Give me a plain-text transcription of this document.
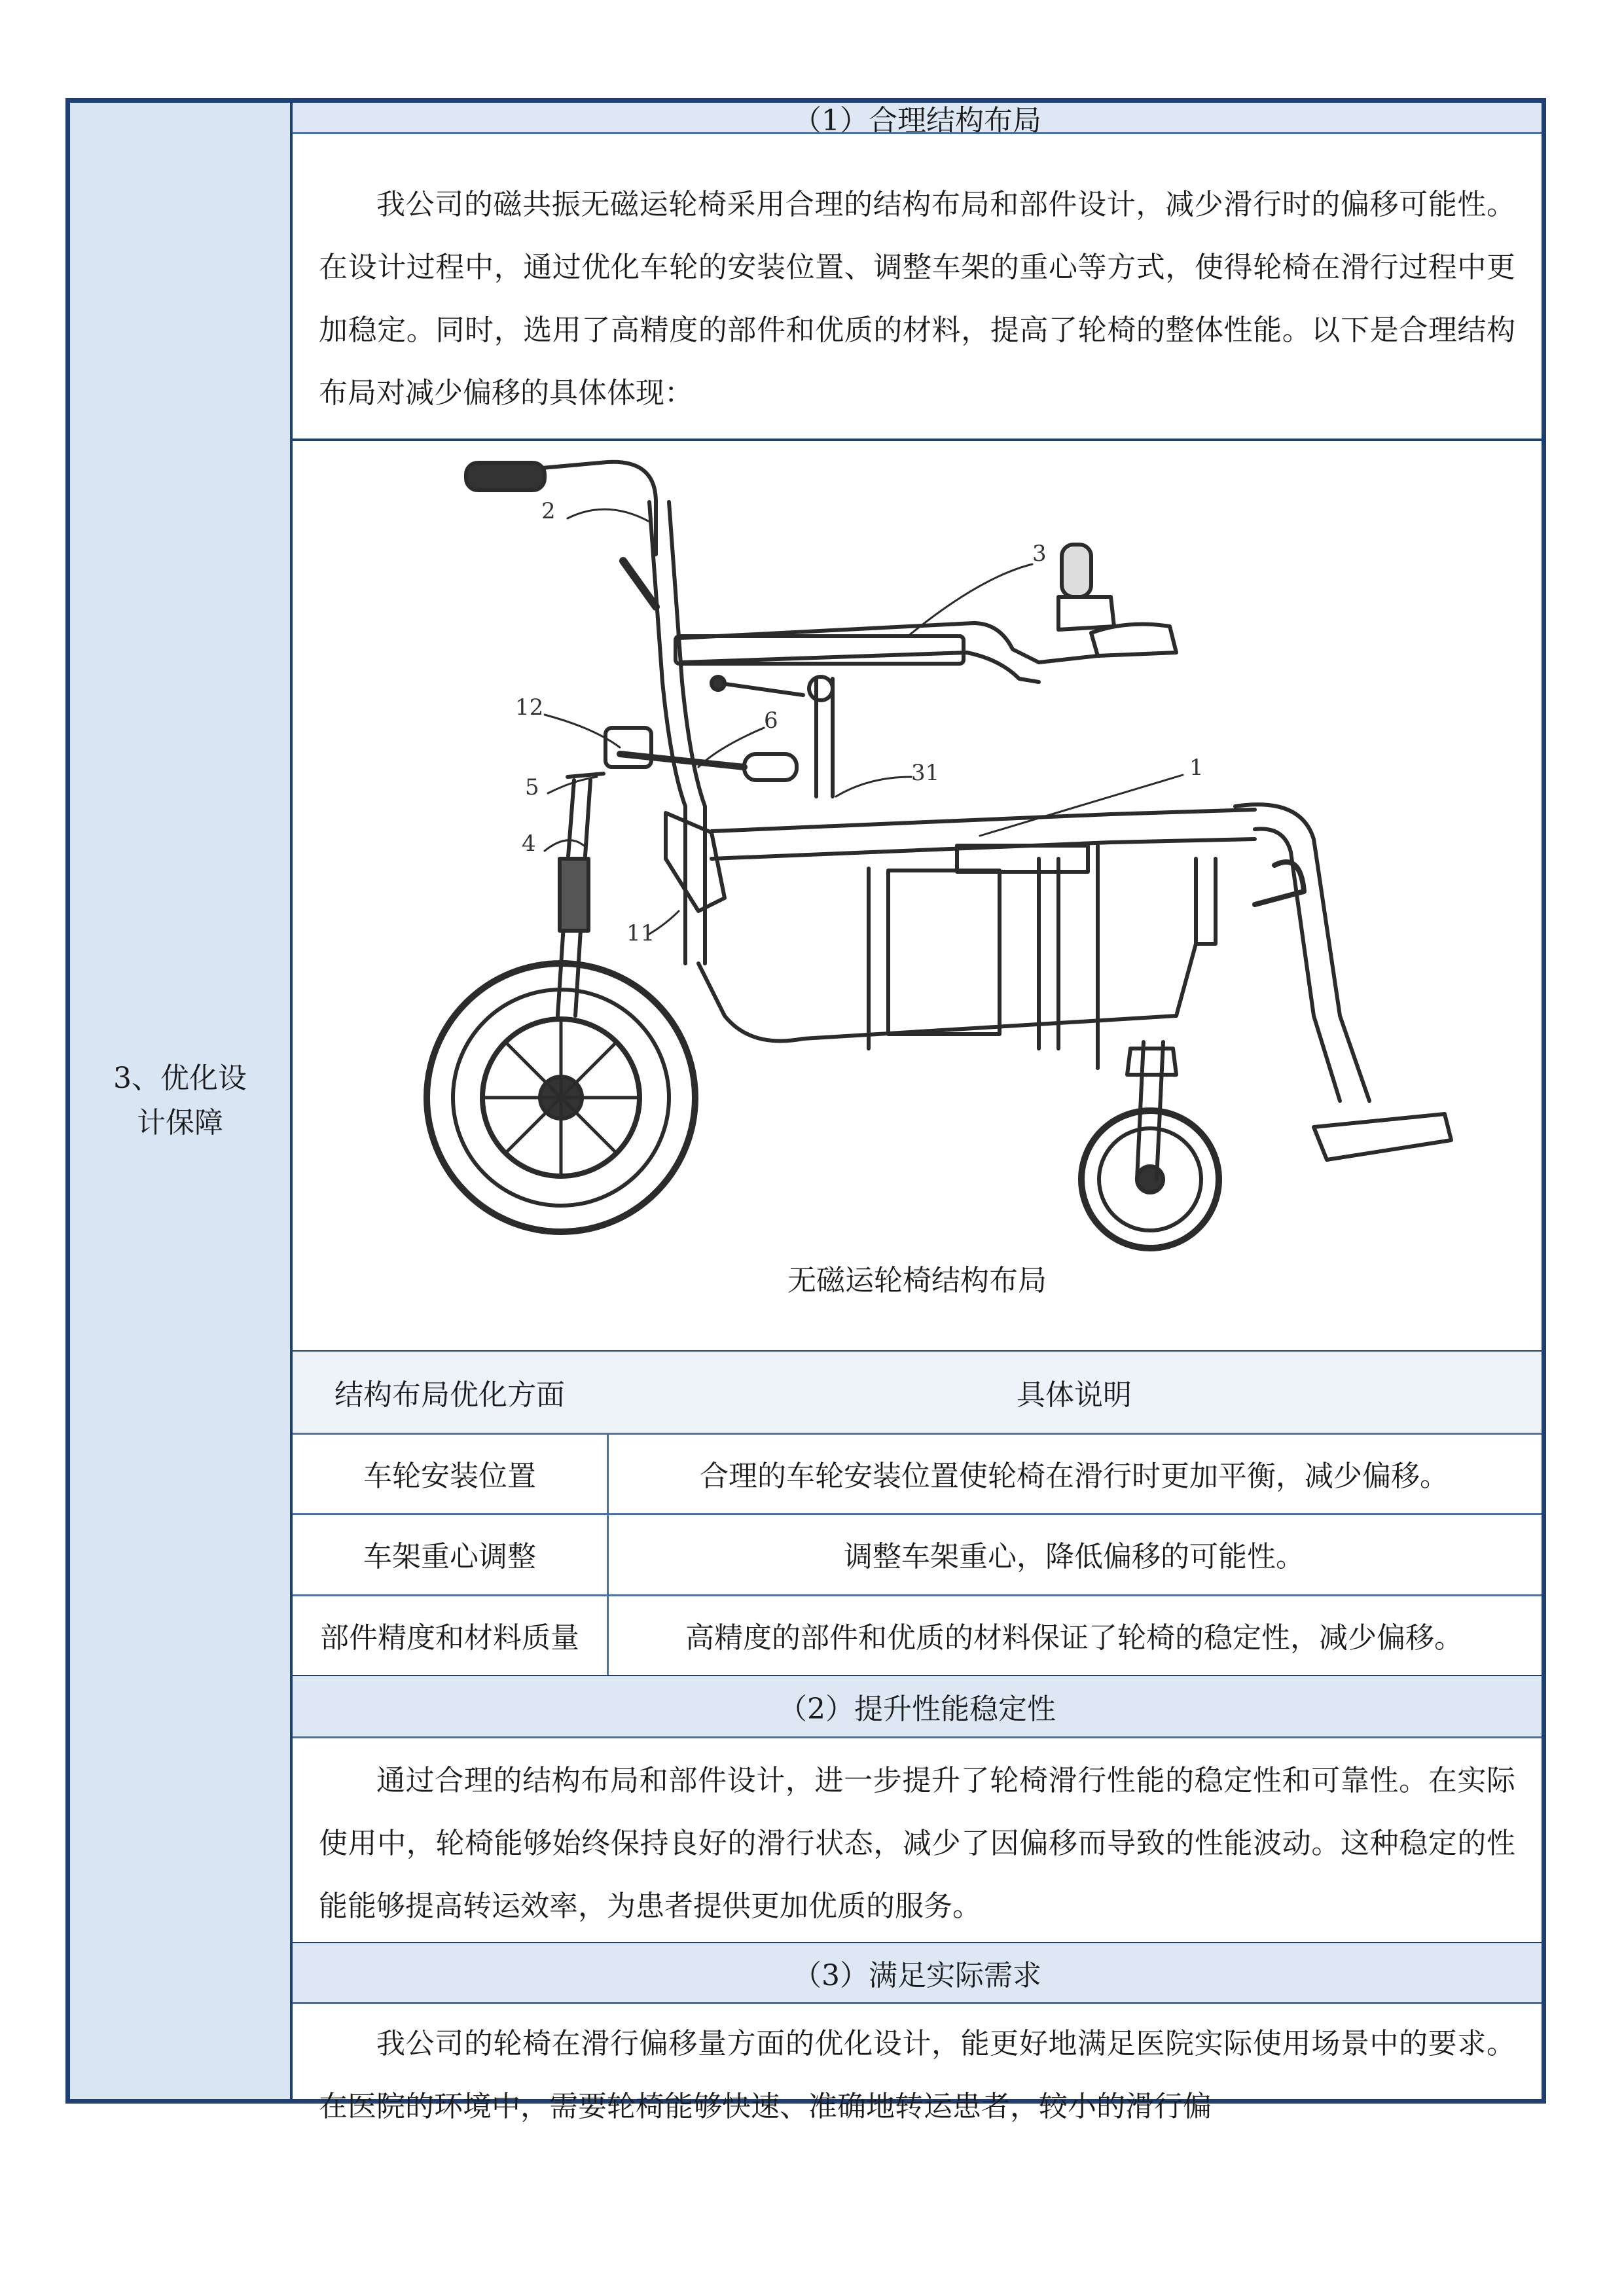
3、优化设计保障
（1）合理结构布局
我公司的磁共振无磁运轮椅采用合理的结构布局和部件设计，减少滑行时的偏移可能性。在设计过程中，通过优化车轮的安装位置、调整车架的重心等方式，使得轮椅在滑行过程中更加稳定。同时，选用了高精度的部件和优质的材料，提高了轮椅的整体性能。以下是合理结构布局对减少偏移的具体体现：
1
2
3
4
5
6
11
12
31
无磁运轮椅结构布局
结构布局优化方面	具体说明
车轮安装位置	合理的车轮安装位置使轮椅在滑行时更加平衡，减少偏移。
车架重心调整	调整车架重心，降低偏移的可能性。
部件精度和材料质量	高精度的部件和优质的材料保证了轮椅的稳定性，减少偏移。
（2）提升性能稳定性
通过合理的结构布局和部件设计，进一步提升了轮椅滑行性能的稳定性和可靠性。在实际使用中，轮椅能够始终保持良好的滑行状态，减少了因偏移而导致的性能波动。这种稳定的性能能够提高转运效率，为患者提供更加优质的服务。
（3）满足实际需求
我公司的轮椅在滑行偏移量方面的优化设计，能更好地满足医院实际使用场景中的要求。在医院的环境中，需要轮椅能够快速、准确地转运患者，较小的滑行偏
